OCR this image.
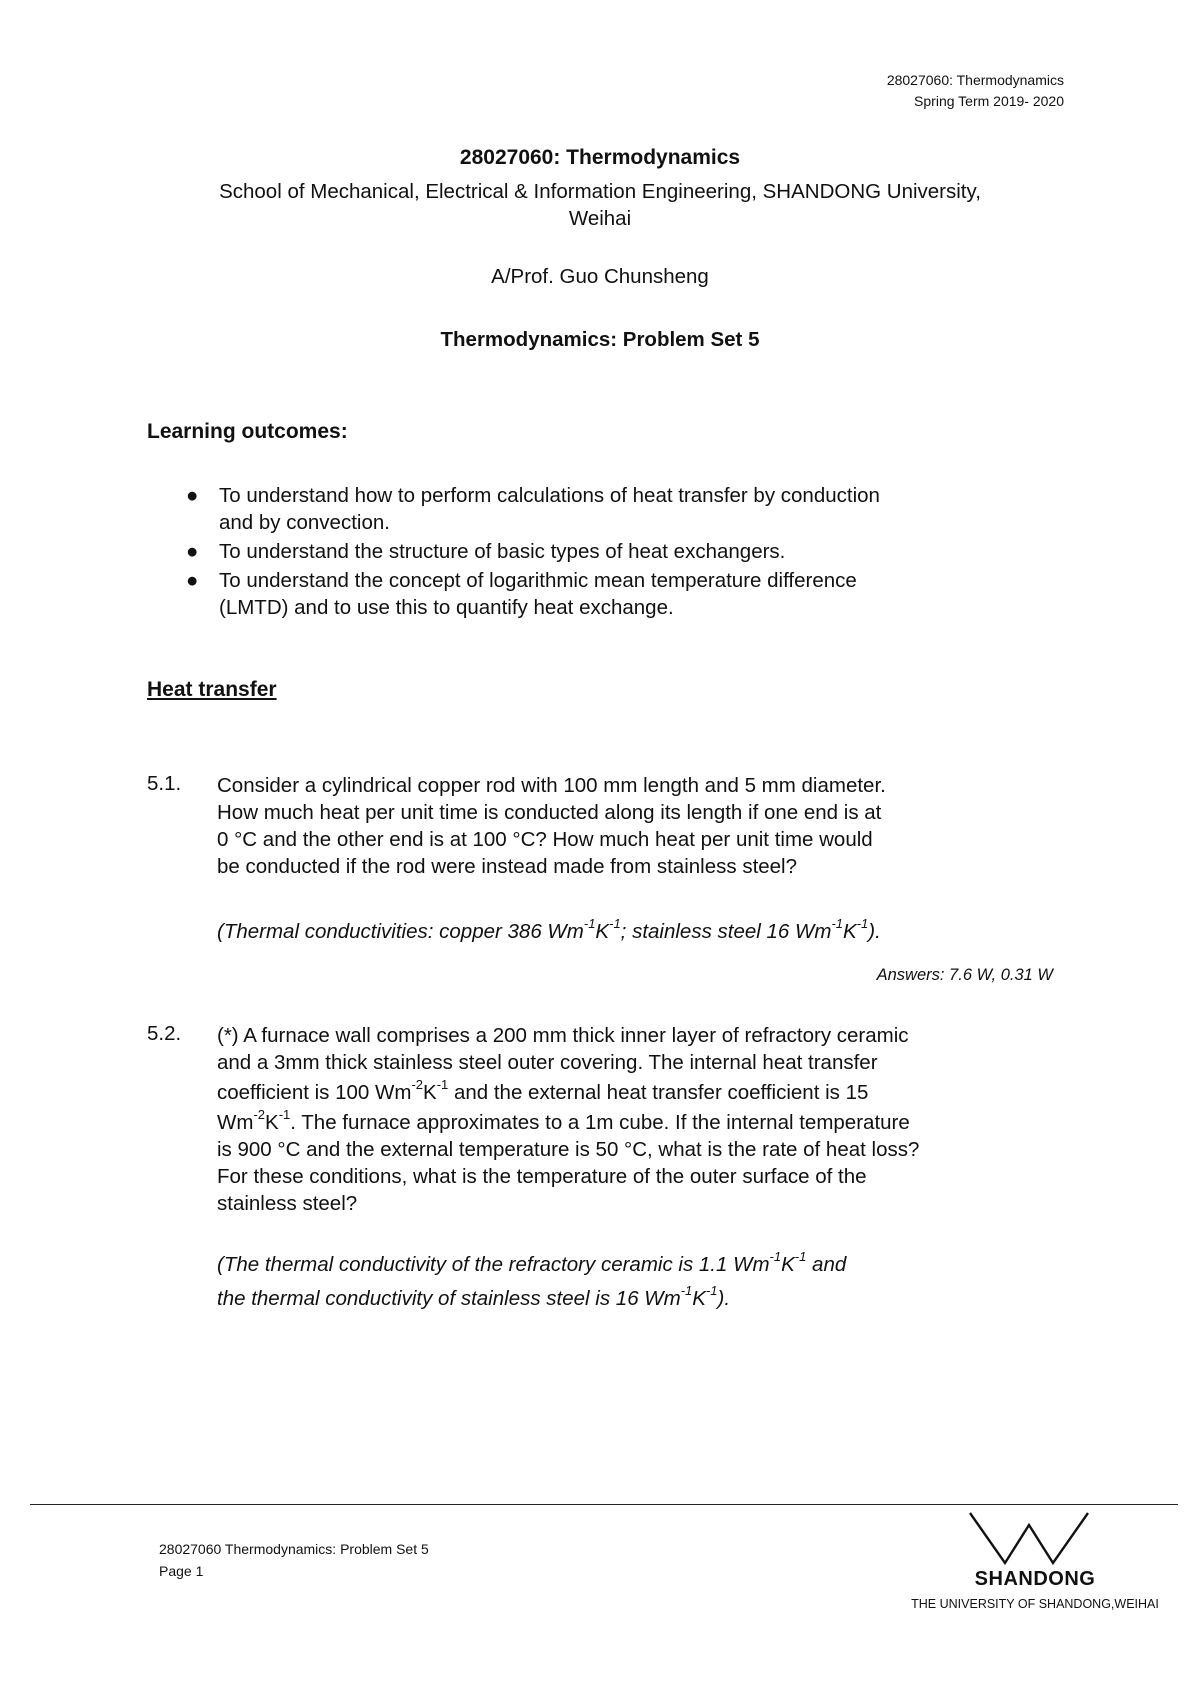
28027060: Thermodynamics
Spring Term 2019- 2020
28027060: Thermodynamics
School of Mechanical, Electrical & Information Engineering, SHANDONG University,
Weihai
A/Prof. Guo Chunsheng
Thermodynamics: Problem Set 5
Learning outcomes:
● To understand how to perform calculations of heat transfer by conduction
and by convection.
● To understand the structure of basic types of heat exchangers.
● To understand the concept of logarithmic mean temperature difference
(LMTD) and to use this to quantify heat exchange.
Heat transfer
5.1. Consider a cylindrical copper rod with 100 mm length and 5 mm diameter.
How much heat per unit time is conducted along its length if one end is at
0 °C and the other end is at 100 °C? How much heat per unit time would
be conducted if the rod were instead made from stainless steel?
(Thermal conductivities: copper 386 $Wm^{-1}K^{-1}$; stainless steel 16 $Wm^{-1}K^{-1}$).
Answers: 7.6 W, 0.31 W
5.2. (*) A furnace wall comprises a 200 mm thick inner layer of refractory ceramic
and a 3mm thick stainless steel outer covering. The internal heat transfer
coefficient is 100 $Wm^{-2}K^{-1}$ and the external heat transfer coefficient is 15
$Wm^{-2}K^{-1}$. The furnace approximates to a 1m cube. If the internal temperature
is 900 °C and the external temperature is 50 °C, what is the rate of heat loss?
For these conditions, what is the temperature of the outer surface of the
stainless steel?
(The thermal conductivity of the refractory ceramic is 1.1 $Wm^{-1}K^{-1}$ and
the thermal conductivity of stainless steel is 16 $Wm^{-1}K^{-1}$).
28027060 Thermodynamics: Problem Set 5
Page 1	SHANDONG
THE UNIVERSITY OF SHANDONG,WEIHAI
